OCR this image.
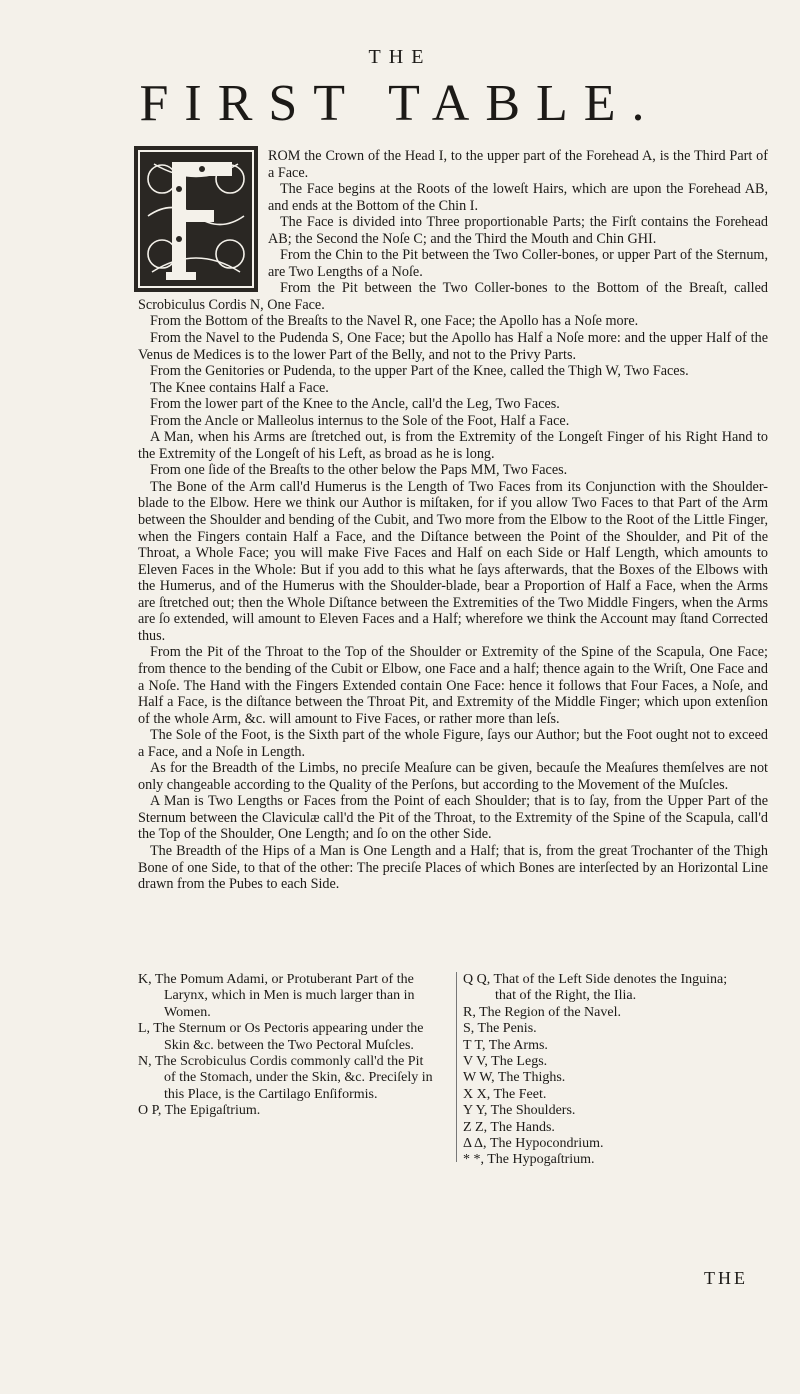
THE
FIRST TABLE.

ROM the Crown of the Head I, to the upper part of the Forehead A, is the Third Part of a Face.

The Face begins at the Roots of the loweſt Hairs, which are upon the Forehead AB, and ends at the Bottom of the Chin I.

The Face is divided into Three proportionable Parts; the Firſt contains the Forehead AB; the Second the Noſe C; and the Third the Mouth and Chin GHI.

From the Chin to the Pit between the Two Coller-bones, or upper Part of the Sternum, are Two Lengths of a Noſe.

From the Pit between the Two Coller-bones to the Bottom of the Breaſt, called Scrobiculus Cordis N, One Face.

From the Bottom of the Breaſts to the Navel R, one Face; the Apollo has a Noſe more.

From the Navel to the Pudenda S, One Face; but the Apollo has Half a Noſe more: and the upper Half of the Venus de Medices is to the lower Part of the Belly, and not to the Privy Parts.

From the Genitories or Pudenda, to the upper Part of the Knee, called the Thigh W, Two Faces.

The Knee contains Half a Face.

From the lower part of the Knee to the Ancle, call'd the Leg, Two Faces.

From the Ancle or Malleolus internus to the Sole of the Foot, Half a Face.

A Man, when his Arms are ſtretched out, is from the Extremity of the Longeſt Finger of his Right Hand to the Extremity of the Longeſt of his Left, as broad as he is long.

From one ſide of the Breaſts to the other below the Paps MM, Two Faces.

The Bone of the Arm call'd Humerus is the Length of Two Faces from its Conjunction with the Shoulder-blade to the Elbow. Here we think our Author is miſtaken, for if you allow Two Faces to that Part of the Arm between the Shoulder and bending of the Cubit, and Two more from the Elbow to the Root of the Little Finger, when the Fingers contain Half a Face, and the Diſtance between the Point of the Shoulder, and Pit of the Throat, a Whole Face; you will make Five Faces and Half on each Side or Half Length, which amounts to Eleven Faces in the Whole: But if you add to this what he ſays afterwards, that the Boxes of the Elbows with the Humerus, and of the Humerus with the Shoulder-blade, bear a Proportion of Half a Face, when the Arms are ſtretched out; then the Whole Diſtance between the Extremities of the Two Middle Fingers, when the Arms are ſo extended, will amount to Eleven Faces and a Half; wherefore we think the Account may ſtand Corrected thus.

From the Pit of the Throat to the Top of the Shoulder or Extremity of the Spine of the Scapula, One Face; from thence to the bending of the Cubit or Elbow, one Face and a half; thence again to the Wriſt, One Face and a Noſe. The Hand with the Fingers Extended contain One Face: hence it follows that Four Faces, a Noſe, and Half a Face, is the diſtance between the Throat Pit, and Extremity of the Middle Finger; which upon extenſion of the whole Arm, &c. will amount to Five Faces, or rather more than leſs.

The Sole of the Foot, is the Sixth part of the whole Figure, ſays our Author; but the Foot ought not to exceed a Face, and a Noſe in Length.

As for the Breadth of the Limbs, no preciſe Meaſure can be given, becauſe the Meaſures themſelves are not only changeable according to the Quality of the Perſons, but according to the Movement of the Muſcles.

A Man is Two Lengths or Faces from the Point of each Shoulder; that is to ſay, from the Upper Part of the Sternum between the Claviculæ call'd the Pit of the Throat, to the Extremity of the Spine of the Scapula, call'd the Top of the Shoulder, One Length; and ſo on the other Side.

The Breadth of the Hips of a Man is One Length and a Half; that is, from the great Trochanter of the Thigh Bone of one Side, to that of the other: The preciſe Places of which Bones are interſected by an Horizontal Line drawn from the Pubes to each Side.

K, The Pomum Adami, or Protuberant Part of the Larynx, which in Men is much larger than in Women.

L, The Sternum or Os Pectoris appearing under the Skin &c. between the Two Pectoral Muſcles.

N, The Scrobiculus Cordis commonly call'd the Pit of the Stomach, under the Skin, &c. Preciſely in this Place, is the Cartilago Enſiformis.

O P, The Epigaſtrium.

Q Q, That of the Left Side denotes the Inguina;

that of the Right, the Ilia.

R, The Region of the Navel.

S, The Penis.

T T, The Arms.

V V, The Legs.

W W, The Thighs.

X X, The Feet.

Y Y, The Shoulders.

Z Z, The Hands.

Δ Δ, The Hypocondrium.

* *, The Hypogaſtrium.

THE
